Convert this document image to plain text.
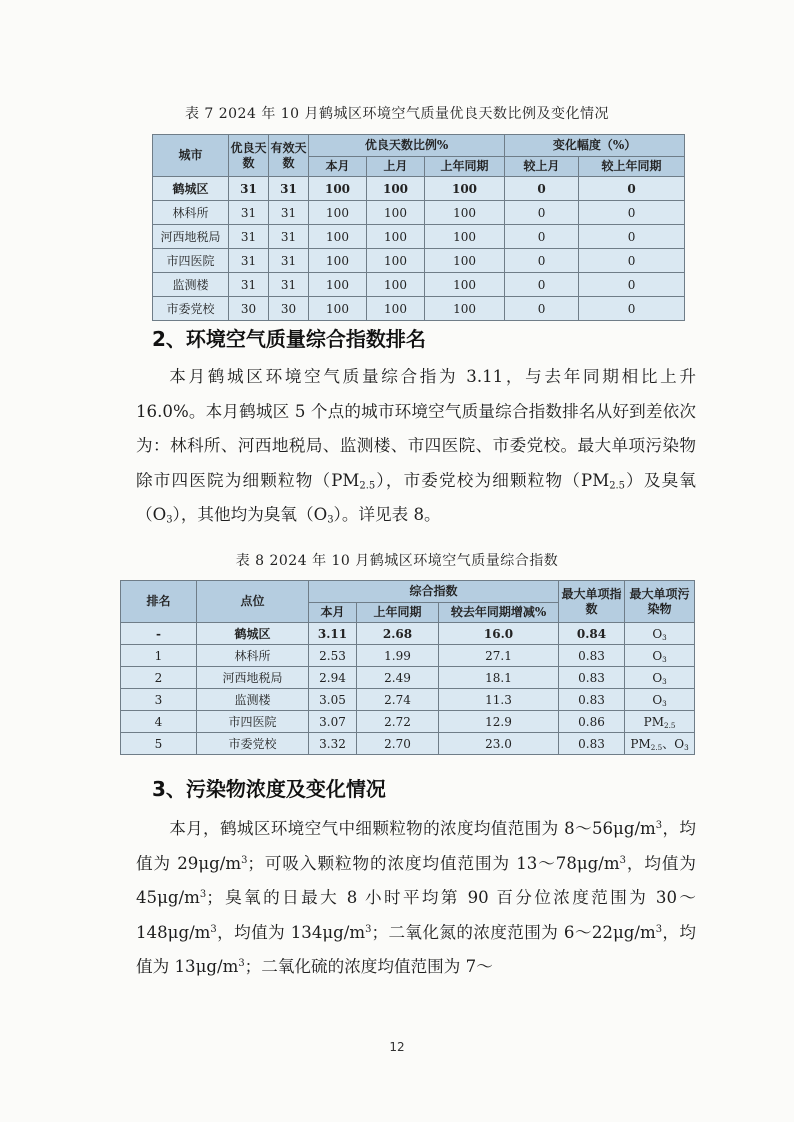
表 7 2024 年 10 月鹤城区环境空气质量优良天数比例及变化情况
城市	优良天数	有效天数	优良天数比例%			变化幅度（%）	
			本月	上月	上年同期	较上月	较上年同期
鹤城区	31	31	100	100	100	0	0
林科所	31	31	100	100	100	0	0
河西地税局	31	31	100	100	100	0	0
市四医院	31	31	100	100	100	0	0
监测楼	31	31	100	100	100	0	0
市委党校	30	30	100	100	100	0	0
2、环境空气质量综合指数排名

本月鹤城区环境空气质量综合指为 3.11，与去年同期相比上升 16.0%。本月鹤城区 5 个点的城市环境空气质量综合指数排名从好到差依次为：林科所、河西地税局、监测楼、市四医院、市委党校。最大单项污染物除市四医院为细颗粒物$(PM_{2.5})$，市委党校为细颗粒物$(PM_{2.5})$及臭氧$(O_3)$，其他均为臭氧$(O_3)$。详见表 8。

表 8 2024 年 10 月鹤城区环境空气质量综合指数
排名	点位	综合指数			最大单项指数	最大单项污染物
		本月	上年同期	较去年同期增减%		
-	鹤城区	3.11	2.68	16.0	0.84	$O_3$
1	林科所	2.53	1.99	27.1	0.83	$O_3$
2	河西地税局	2.94	2.49	18.1	0.83	$O_3$
3	监测楼	3.05	2.74	11.3	0.83	$O_3$
4	市四医院	3.07	2.72	12.9	0.86	$PM_{2.5}$
5	市委党校	3.32	2.70	23.0	0.83	$PM_{2.5}$、$O_3$
3、污染物浓度及变化情况

本月，鹤城区环境空气中细颗粒物的浓度均值范围为 $8\sim 56\mu g/m^3$，均值为 $29\mu g/m^3$；可吸入颗粒物的浓度均值范围为 $13\sim 78\mu g/m^3$，均值为 $45\mu g/m^3$；臭氧的日最大 8 小时平均第 90 百分位浓度范围为 $30\sim 148\mu g/m^3$，均值为 $134\mu g/m^3$；二氧化氮的浓度范围为 $6\sim 22\mu g/m^3$，均值为 $13\mu g/m^3$；二氧化硫的浓度均值范围为 7～

12
